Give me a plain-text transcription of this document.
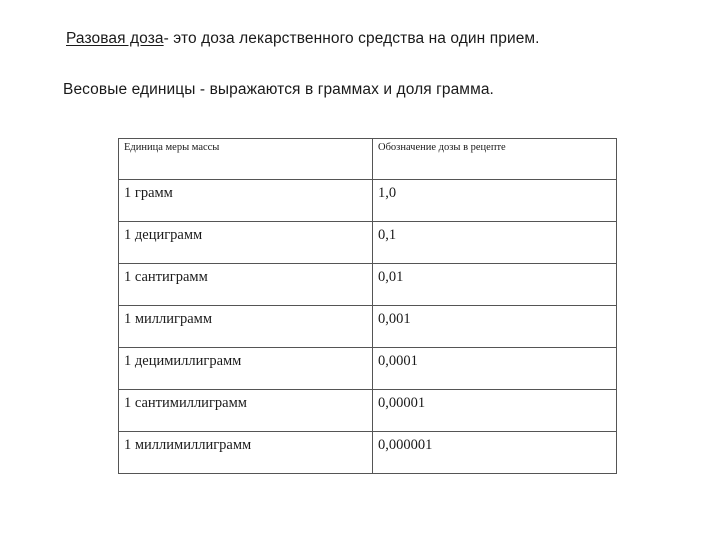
Разовая доза- это доза лекарственного средства на один прием.
Весовые единицы - выражаются в граммах и доля грамма.
Единица меры массы	Обозначение дозы в рецепте
1 грамм	1,0
1 дециграмм	0,1
1 сантиграмм	0,01
1 миллиграмм	0,001
1 децимиллиграмм	0,0001
1 сантимиллиграмм	0,00001
1 миллимиллиграмм	0,000001
